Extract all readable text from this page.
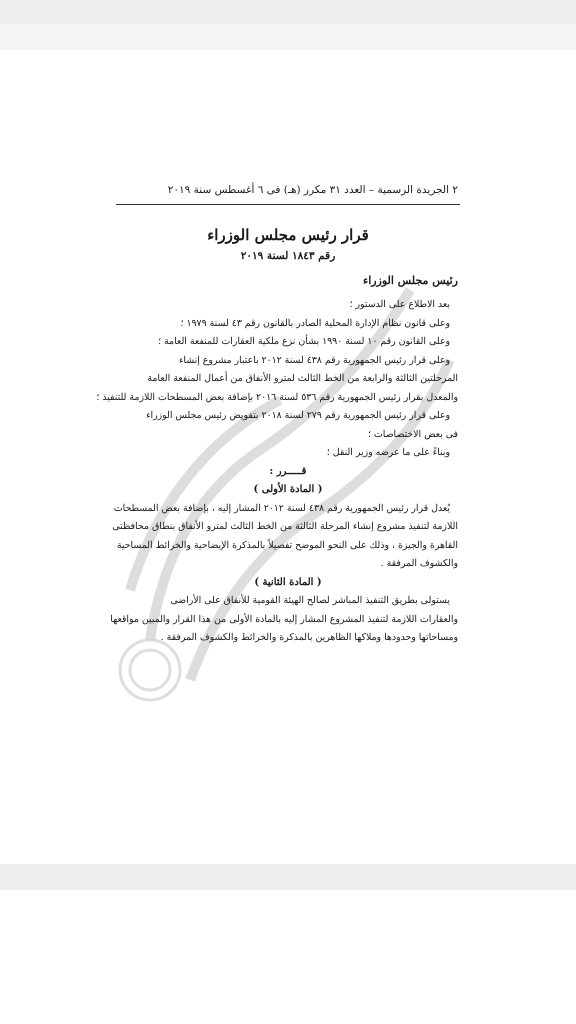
٢ الجريدة الرسمية – العدد ٣١ مكرر (هـ) فى ٦ أغسطس سنة ٢٠١٩
قرار رئيس مجلس الوزراء
رقم ١٨٤٣ لسنة ٢٠١٩
رئيس مجلس الوزراء
بعد الاطلاع على الدستور ؛
وعلى قانون نظام الإدارة المحلية الصادر بالقانون رقم ٤٣ لسنة ١٩٧٩ ؛
وعلى القانون رقم ١٠ لسنة ١٩٩٠ بشأن نزع ملكية العقارات للمنفعة العامة ؛
وعلى قرار رئيس الجمهورية رقم ٤٣٨ لسنة ٢٠١٢ باعتبار مشروع إنشاء
المرحلتين الثالثة والرابعة من الخط الثالث لمترو الأنفاق من أعمال المنفعة العامة
والمعدل بقرار رئيس الجمهورية رقم ٥٣٦ لسنة ٢٠١٦ بإضافة بعض المسطحات اللازمة للتنفيذ ؛
وعلى قرار رئيس الجمهورية رقم ٢٧٩ لسنة ٢٠١٨ بتفويض رئيس مجلس الوزراء
فى بعض الاختصاصات ؛
وبناءً على ما عرضه وزير النقل ؛
قـــــرر :
( المادة الأولى )
يُعدل قرار رئيس الجمهورية رقم ٤٣٨ لسنة ٢٠١٢ المشار إليه ، بإضافة بعض المسطحات
اللازمة لتنفيذ مشروع إنشاء المرحلة الثالثة من الخط الثالث لمترو الأنفاق بنطاق محافظتى
القاهرة والجيزة ، وذلك على النحو الموضح تفصيلاً بالمذكرة الإيضاحية والخرائط المساحية
والكشوف المرفقة .
( المادة الثانية )
يستولى بطريق التنفيذ المباشر لصالح الهيئة القومية للأنفاق على الأراضى
والعقارات اللازمة لتنفيذ المشروع المشار إليه بالمادة الأولى من هذا القرار والمبين مواقعها
ومساحاتها وحدودها وملاكها الظاهرين بالمذكرة والخرائط والكشوف المرفقة .
